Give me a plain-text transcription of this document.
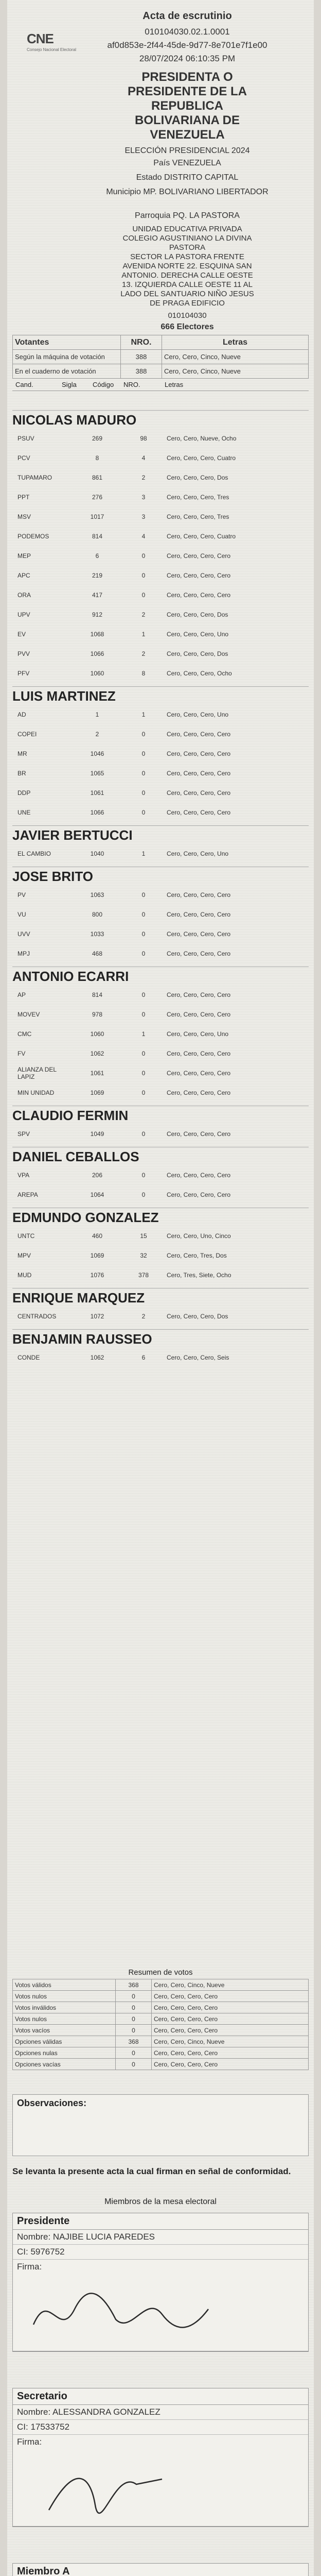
CNE
Consejo Nacional Electoral
Acta de escrutinio
010104030.02.1.0001
af0d853e-2f44-45de-9d77-8e701e7f1e00
28/07/2024 06:10:35 PM
PRESIDENTA O
PRESIDENTE DE LA
REPUBLICA
BOLIVARIANA DE
VENEZUELA
ELECCIÓN PRESIDENCIAL 2024
País VENEZUELA
Estado DISTRITO CAPITAL
Municipio MP. BOLIVARIANO LIBERTADOR
Parroquia PQ. LA PASTORA
UNIDAD EDUCATIVA PRIVADA
COLEGIO AGUSTINIANO LA DIVINA
PASTORA
SECTOR LA PASTORA FRENTE
AVENIDA NORTE 22. ESQUINA SAN
ANTONIO. DERECHA CALLE OESTE
13. IZQUIERDA CALLE OESTE 11 AL
LADO DEL SANTUARIO NIÑO JESUS
DE PRAGA EDIFICIO
010104030
666 Electores
Votantes	NRO.	Letras
Según la máquina de votación	388	Cero, Cero, Cinco, Nueve
En el cuaderno de votación	388	Cero, Cero, Cinco, Nueve
Cand.	Sigla	Código	NRO.	Letras
NICOLAS MADURO
PSUV	269	98	Cero, Cero, Nueve, Ocho
PCV	8	4	Cero, Cero, Cero, Cuatro
TUPAMARO	861	2	Cero, Cero, Cero, Dos
PPT	276	3	Cero, Cero, Cero, Tres
MSV	1017	3	Cero, Cero, Cero, Tres
PODEMOS	814	4	Cero, Cero, Cero, Cuatro
MEP	6	0	Cero, Cero, Cero, Cero
APC	219	0	Cero, Cero, Cero, Cero
ORA	417	0	Cero, Cero, Cero, Cero
UPV	912	2	Cero, Cero, Cero, Dos
EV	1068	1	Cero, Cero, Cero, Uno
PVV	1066	2	Cero, Cero, Cero, Dos
PFV	1060	8	Cero, Cero, Cero, Ocho
LUIS MARTINEZ
AD	1	1	Cero, Cero, Cero, Uno
COPEI	2	0	Cero, Cero, Cero, Cero
MR	1046	0	Cero, Cero, Cero, Cero
BR	1065	0	Cero, Cero, Cero, Cero
DDP	1061	0	Cero, Cero, Cero, Cero
UNE	1066	0	Cero, Cero, Cero, Cero
JAVIER BERTUCCI
EL CAMBIO	1040	1	Cero, Cero, Cero, Uno
JOSE BRITO
PV	1063	0	Cero, Cero, Cero, Cero
VU	800	0	Cero, Cero, Cero, Cero
UVV	1033	0	Cero, Cero, Cero, Cero
MPJ	468	0	Cero, Cero, Cero, Cero
ANTONIO ECARRI
AP	814	0	Cero, Cero, Cero, Cero
MOVEV	978	0	Cero, Cero, Cero, Cero
CMC	1060	1	Cero, Cero, Cero, Uno
FV	1062	0	Cero, Cero, Cero, Cero
ALIANZA DEL LAPIZ	1061	0	Cero, Cero, Cero, Cero
MIN UNIDAD	1069	0	Cero, Cero, Cero, Cero
CLAUDIO FERMIN
SPV	1049	0	Cero, Cero, Cero, Cero
DANIEL CEBALLOS
VPA	206	0	Cero, Cero, Cero, Cero
AREPA	1064	0	Cero, Cero, Cero, Cero
EDMUNDO GONZALEZ
UNTC	460	15	Cero, Cero, Uno, Cinco
MPV	1069	32	Cero, Cero, Tres, Dos
MUD	1076	378	Cero, Tres, Siete, Ocho
ENRIQUE MARQUEZ
CENTRADOS	1072	2	Cero, Cero, Cero, Dos
BENJAMIN RAUSSEO
CONDE	1062	6	Cero, Cero, Cero, Seis
Resumen de votos
Votos válidos	368	Cero, Cero, Cinco, Nueve
Votos nulos	0	Cero, Cero, Cero, Cero
Votos inválidos	0	Cero, Cero, Cero, Cero
Votos nulos	0	Cero, Cero, Cero, Cero
Votos vacíos	0	Cero, Cero, Cero, Cero
Opciones válidas	368	Cero, Cero, Cinco, Nueve
Opciones nulas	0	Cero, Cero, Cero, Cero
Opciones vacías	0	Cero, Cero, Cero, Cero
Observaciones:
Se levanta la presente acta la cual firman en señal de conformidad.
Miembros de la mesa electoral
Presidente
Nombre: NAJIBE LUCIA PAREDES
CI: 5976752
Firma:
Secretario
Nombre: ALESSANDRA GONZALEZ
CI: 17533752
Firma:
Miembro A
